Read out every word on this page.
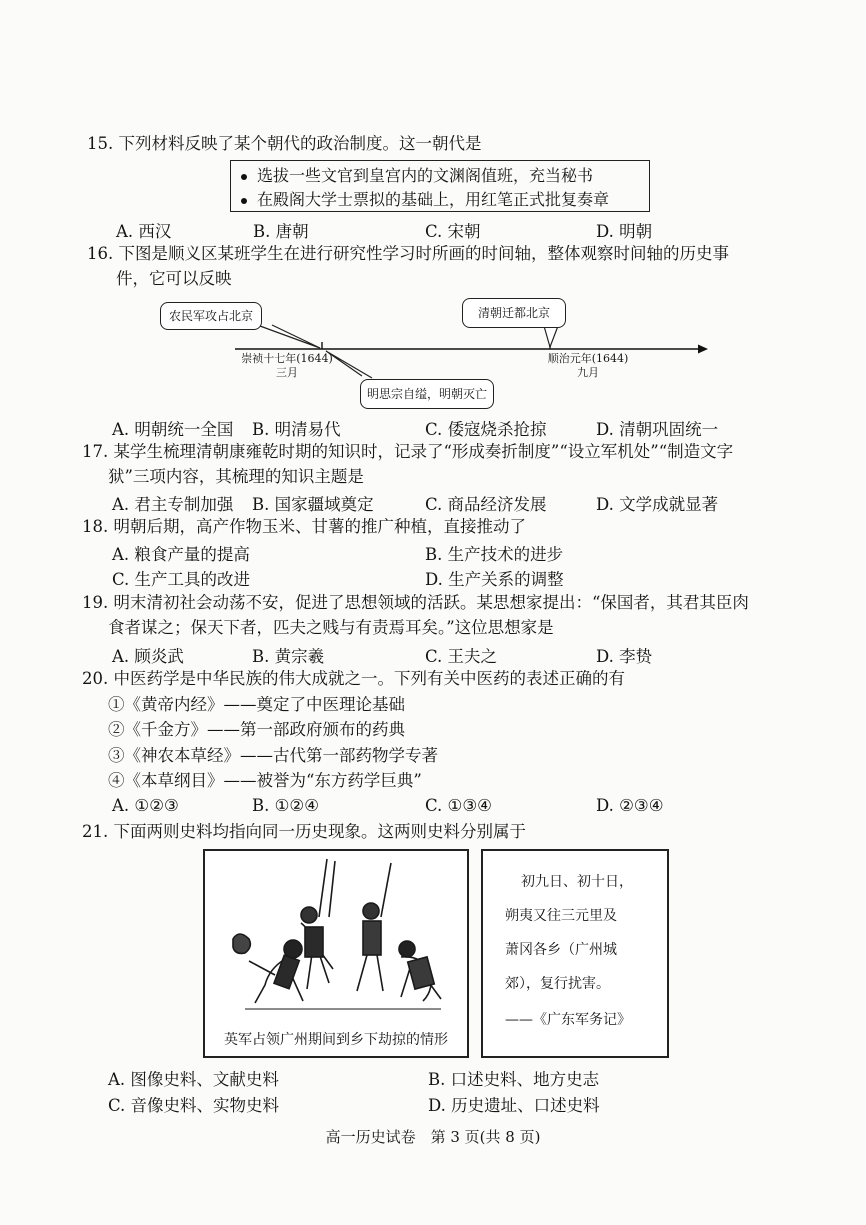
15. 下列材料反映了某个朝代的政治制度。这一朝代是
选拔一些文官到皇宫内的文渊阁值班，充当秘书
在殿阁大学士票拟的基础上，用红笔正式批复奏章
A. 西汉	B. 唐朝	C. 宋朝	D. 明朝
16. 下图是顺义区某班学生在进行研究性学习时所画的时间轴，整体观察时间轴的历史事
件，它可以反映
农民军攻占北京	清朝迁都北京
明思宗自缢，明朝灭亡
崇祯十七年(1644)
三月
顺治元年(1644)
九月
A. 明朝统一全国 B. 明清易代	C. 倭寇烧杀抢掠	D. 清朝巩固统一
17. 某学生梳理清朝康雍乾时期的知识时，记录了“形成奏折制度”“设立军机处”“制造文字
狱”三项内容，其梳理的知识主题是
A. 君主专制加强 B. 国家疆域奠定	C. 商品经济发展	D. 文学成就显著
18. 明朝后期，高产作物玉米、甘薯的推广种植，直接推动了
A. 粮食产量的提高	B. 生产技术的进步
C. 生产工具的改进	D. 生产关系的调整
19. 明末清初社会动荡不安，促进了思想领域的活跃。某思想家提出：“保国者，其君其臣肉
食者谋之；保天下者，匹夫之贱与有责焉耳矣。”这位思想家是
A. 顾炎武	B. 黄宗羲	C. 王夫之	D. 李贽
20. 中医药学是中华民族的伟大成就之一。下列有关中医药的表述正确的有
①《黄帝内经》——奠定了中医理论基础
②《千金方》——第一部政府颁布的药典
③《神农本草经》——古代第一部药物学专著
④《本草纲目》——被誉为“东方药学巨典”
A. ①②③	B. ①②④	C. ①③④	D. ②③④
21. 下面两则史料均指向同一历史现象。这两则史料分别属于
英军占领广州期间到乡下劫掠的情形
初九日、初十日，
朔夷又往三元里及
萧冈各乡（广州城
郊），复行扰害。
——《广东军务记》
A. 图像史料、文献史料	B. 口述史料、地方史志
C. 音像史料、实物史料	D. 历史遗址、口述史料
高一历史试卷　第 3 页(共 8 页)
